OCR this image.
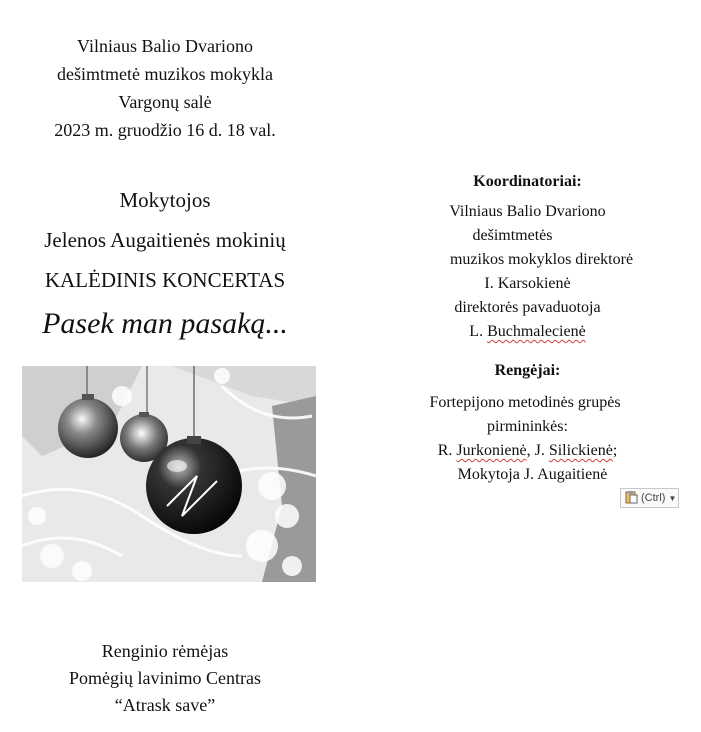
Vilniaus Balio Dvariono
dešimtmetė muzikos mokykla
Vargonų salė
2023 m. gruodžio 16 d. 18 val.
Mokytojos
Jelenos Augaitienės mokinių
KALĖDINIS KONCERTAS
Pasek man pasaką...
Renginio rėmėjas
Pomėgių lavinimo Centras
“Atrask save”
Koordinatoriai:
Vilniaus Balio Dvariono
dešimtmetės
muzikos mokyklos direktorė
I. Karsokienė
direktorės pavaduotoja
L. Buchmalecienė
Rengėjai:
Fortepijono metodinės grupės
pirmininkės:
R. Jurkonienė, J. Silickienė;
Mokytoja J. Augaitienė
(Ctrl) ▼
